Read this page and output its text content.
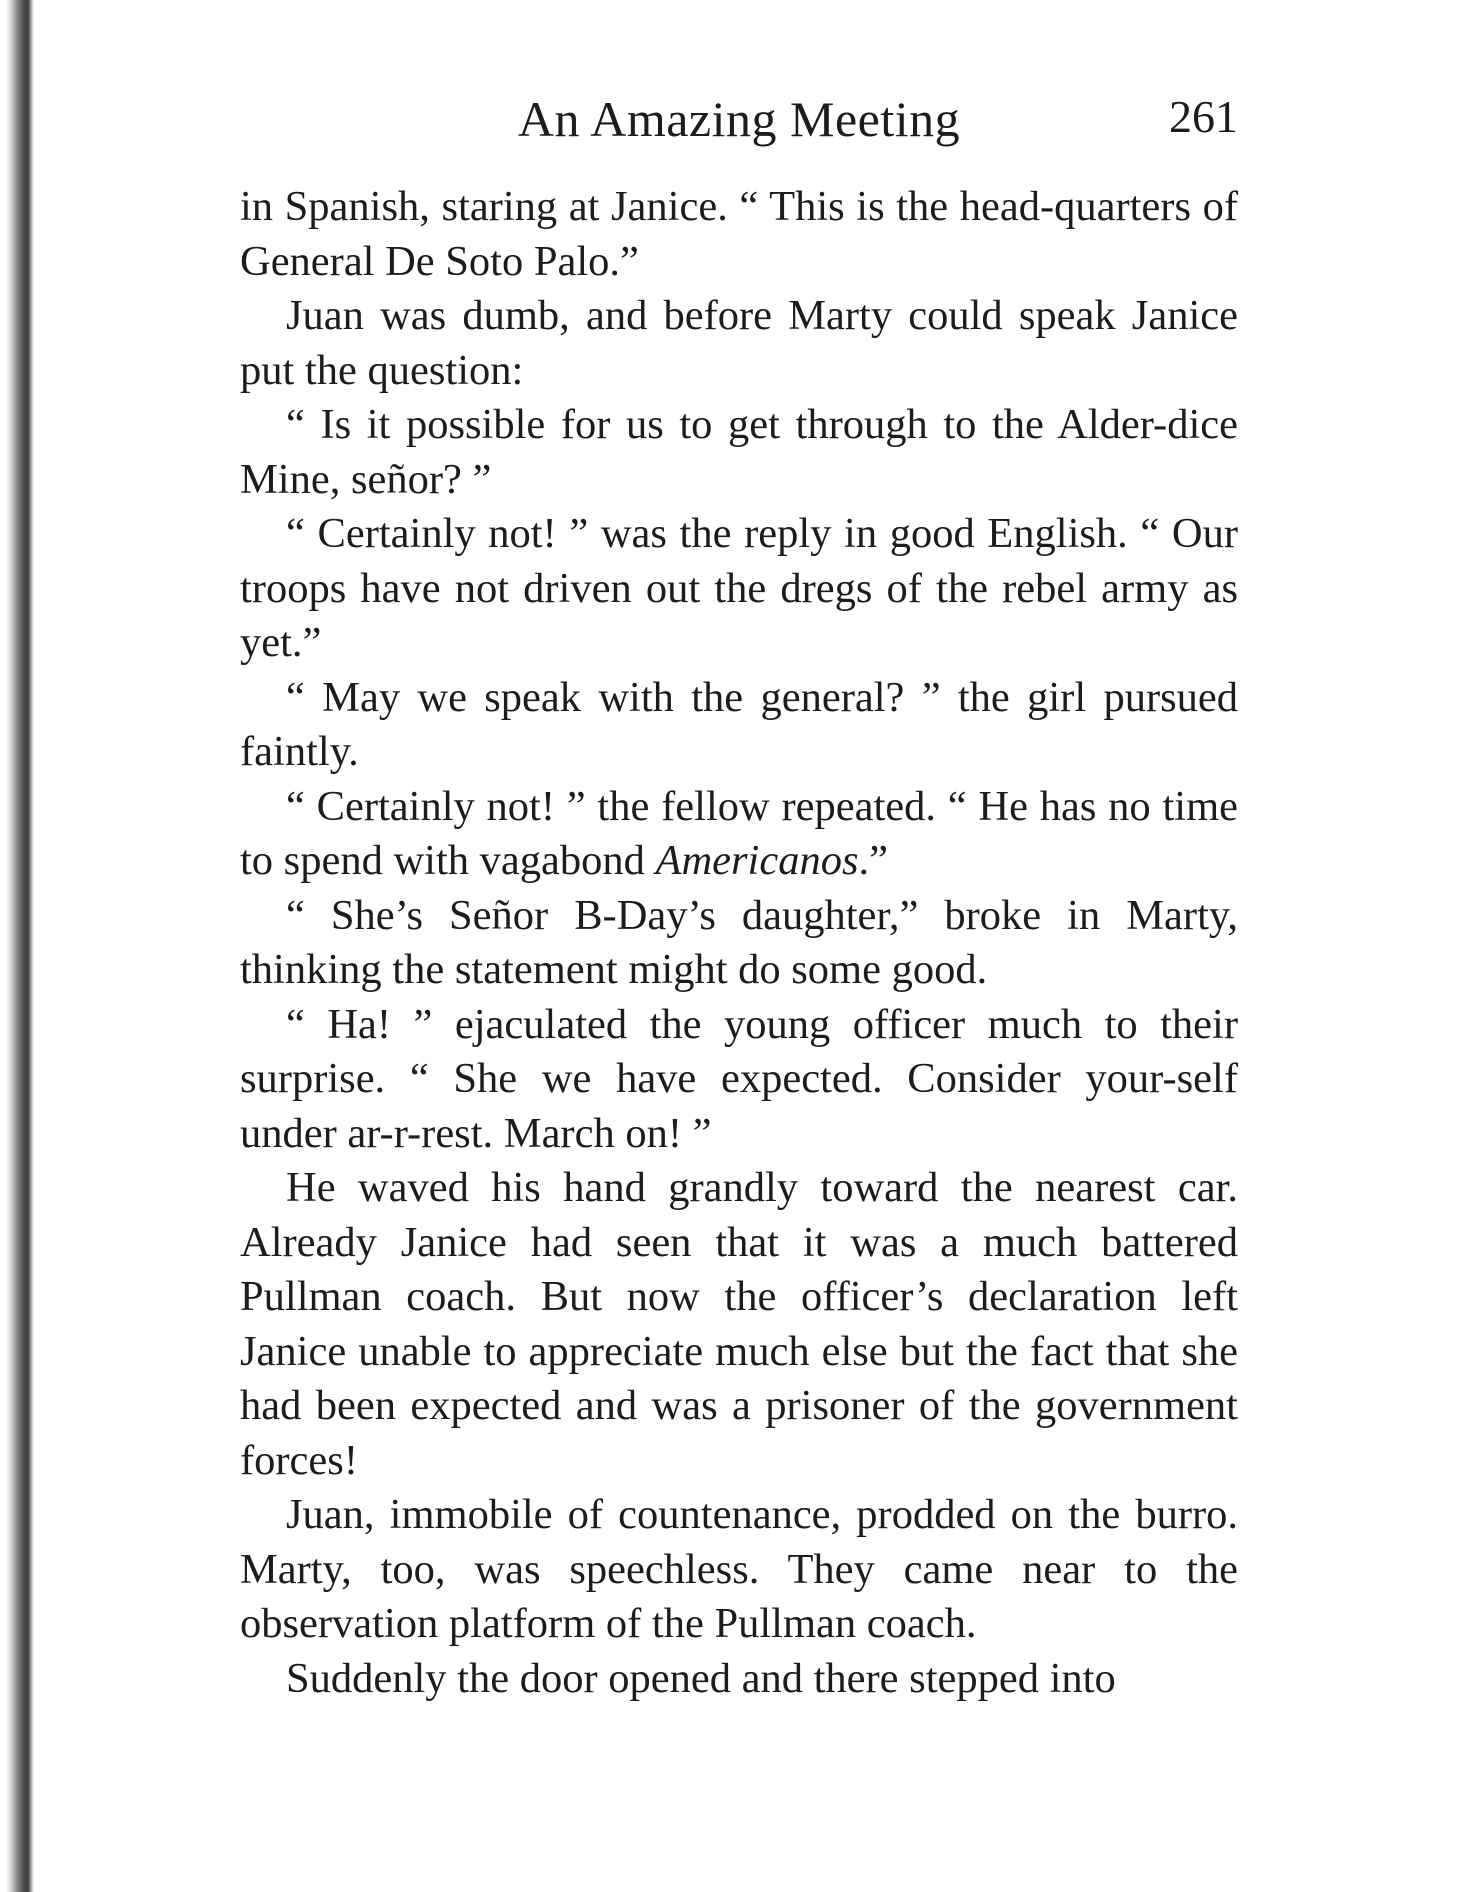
An Amazing Meeting	261

in Spanish, staring at Janice. “ This is the head-quarters of General De Soto Palo.”

Juan was dumb, and before Marty could speak Janice put the question:

“ Is it possible for us to get through to the Alder-dice Mine, señor? ”

“ Certainly not! ” was the reply in good English. “ Our troops have not driven out the dregs of the rebel army as yet.”

“ May we speak with the general? ” the girl pursued faintly.

“ Certainly not! ” the fellow repeated. “ He has no time to spend with vagabond Americanos.”

“ She’s Señor B-Day’s daughter,” broke in Marty, thinking the statement might do some good.

“ Ha! ” ejaculated the young officer much to their surprise. “ She we have expected. Consider your-self under ar-r-rest. March on! ”

He waved his hand grandly toward the nearest car. Already Janice had seen that it was a much battered Pullman coach. But now the officer’s declaration left Janice unable to appreciate much else but the fact that she had been expected and was a prisoner of the government forces!

Juan, immobile of countenance, prodded on the burro. Marty, too, was speechless. They came near to the observation platform of the Pullman coach.

Suddenly the door opened and there stepped into
